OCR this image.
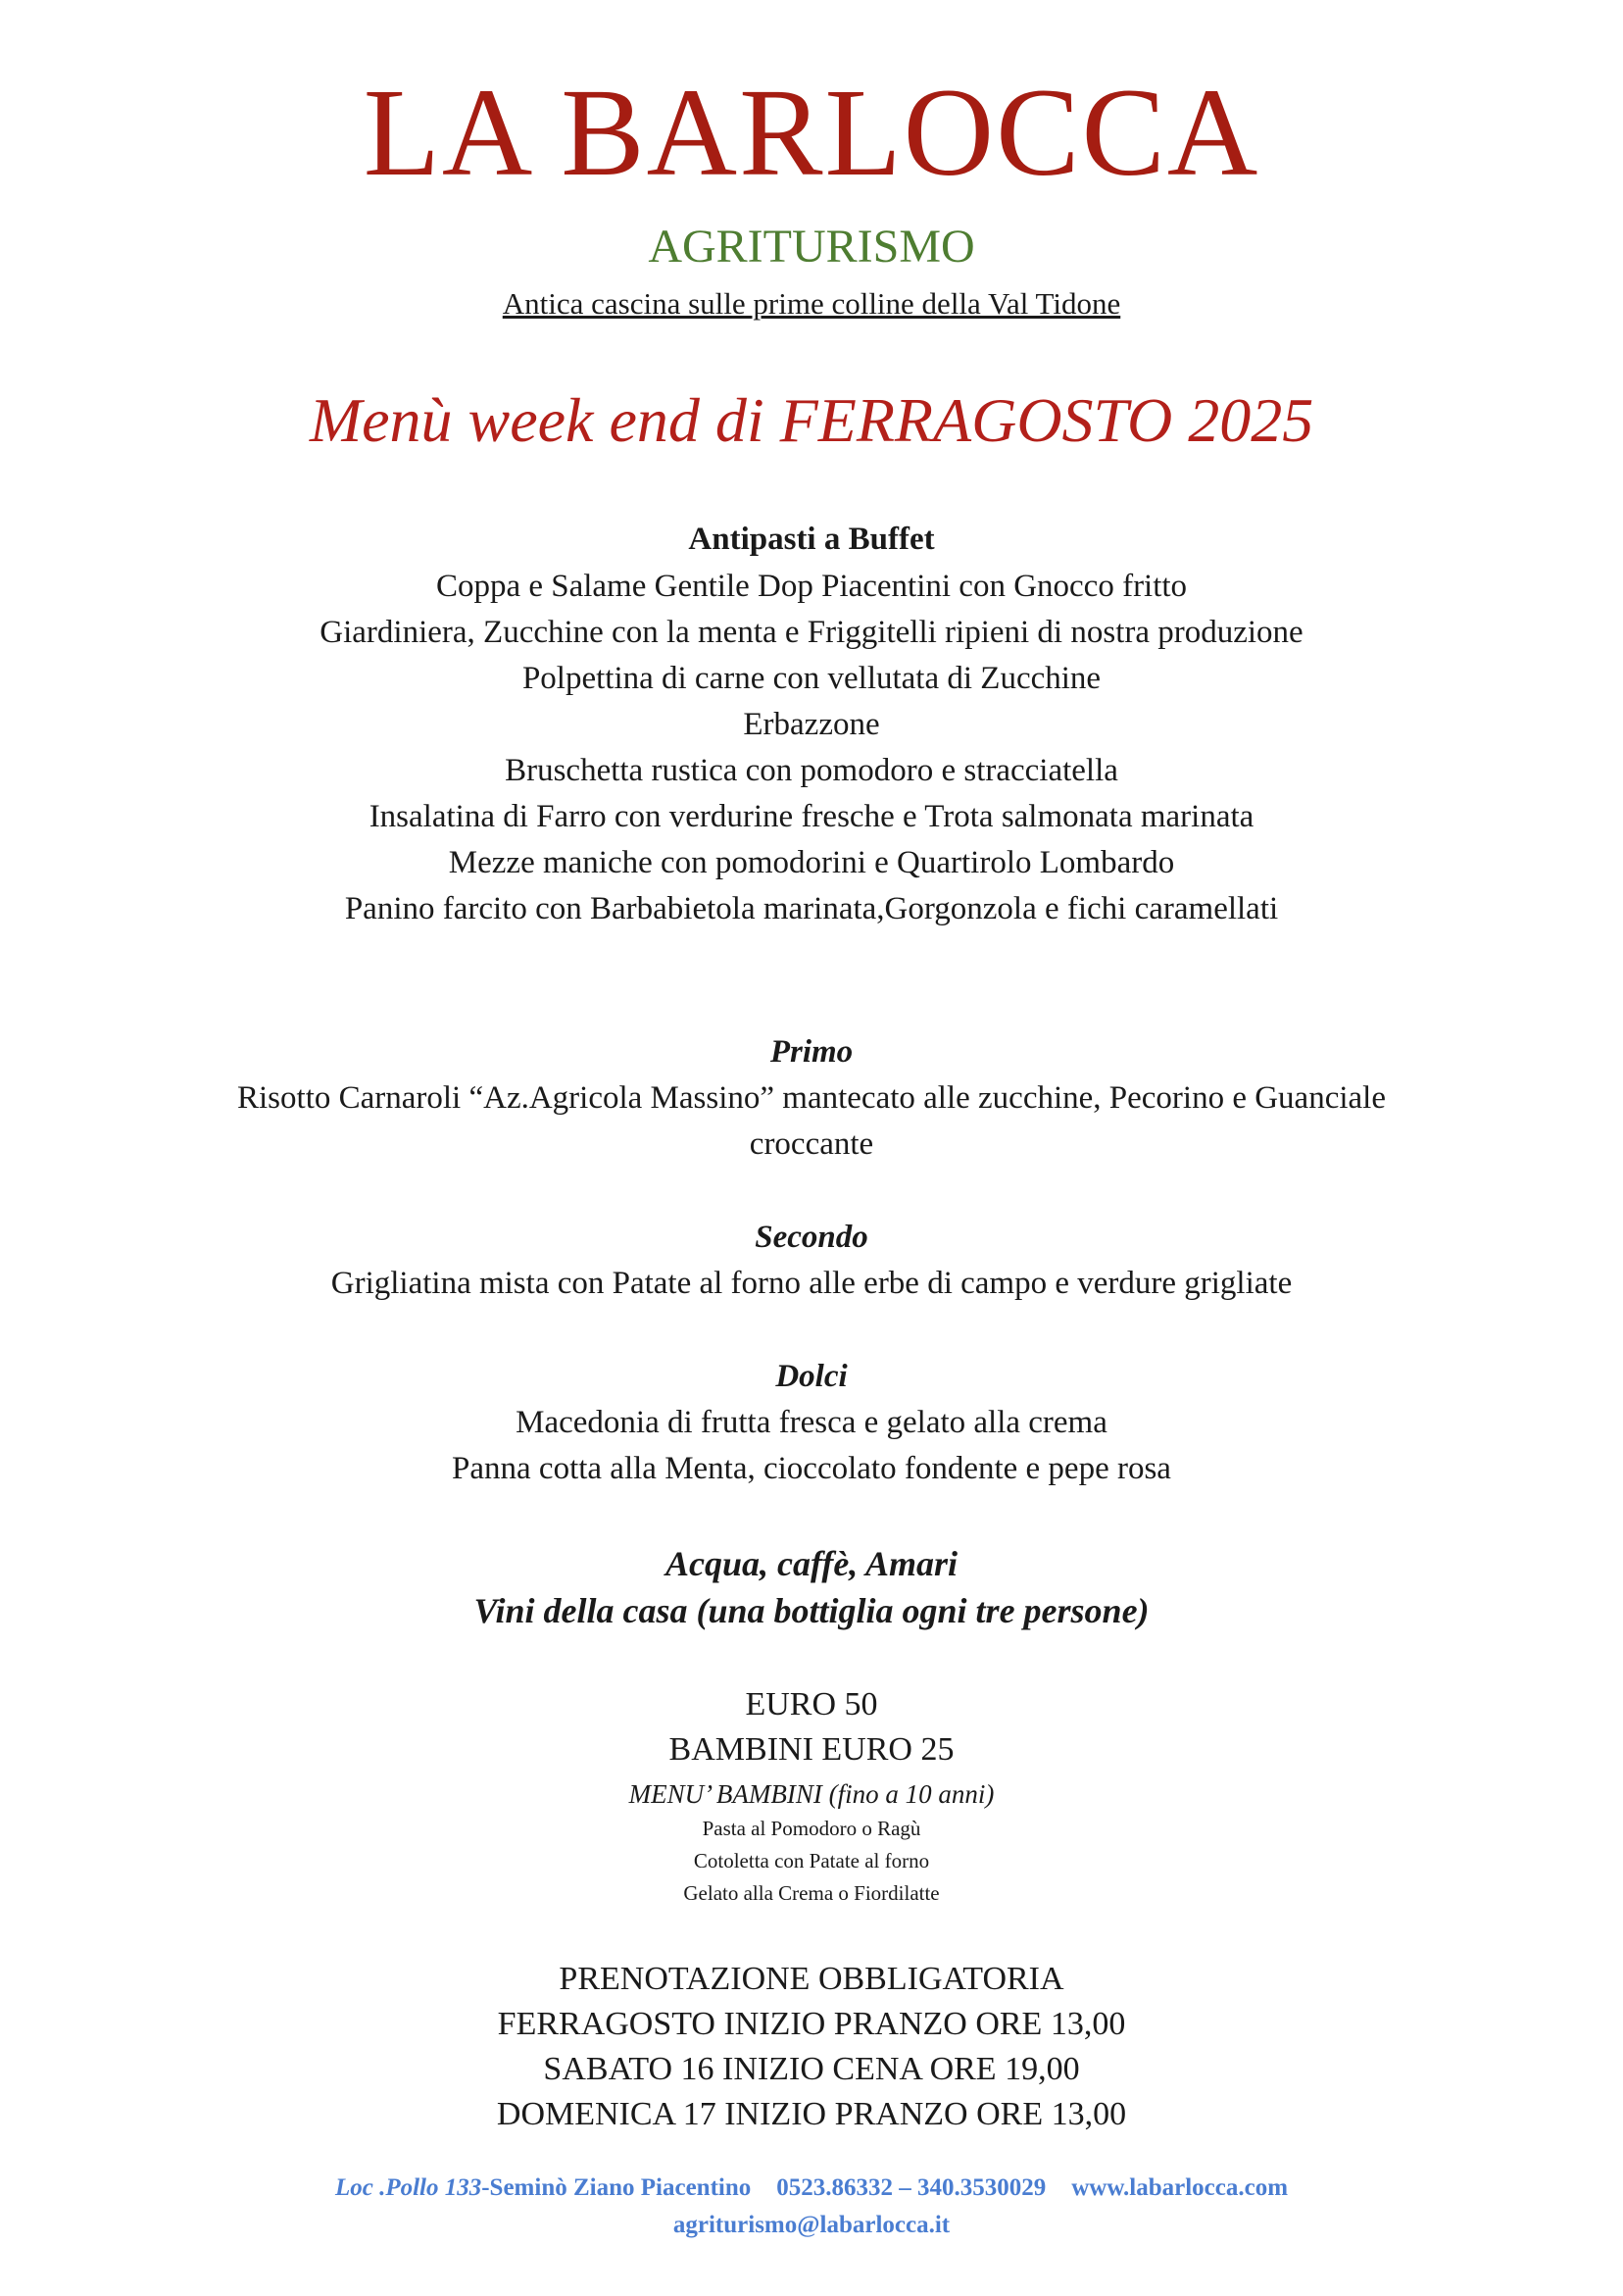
LA BARLOCCA
AGRITURISMO
Antica cascina sulle prime colline della Val Tidone
Menù week end di FERRAGOSTO 2025
Antipasti a Buffet
Coppa e Salame Gentile Dop Piacentini con Gnocco fritto
Giardiniera, Zucchine con la menta e Friggitelli ripieni di nostra produzione
Polpettina di carne con vellutata di Zucchine
Erbazzone
Bruschetta rustica con pomodoro e stracciatella
Insalatina di Farro con verdurine fresche e Trota salmonata marinata
Mezze maniche con pomodorini e Quartirolo Lombardo
Panino farcito con Barbabietola marinata,Gorgonzola e fichi caramellati
Primo
Risotto Carnaroli “Az.Agricola Massino” mantecato alle zucchine, Pecorino e Guanciale
croccante
Secondo
Grigliatina mista con Patate al forno alle erbe di campo e verdure grigliate
Dolci
Macedonia di frutta fresca e gelato alla crema
Panna cotta alla Menta, cioccolato fondente e pepe rosa
Acqua, caffè, Amari
Vini della casa (una bottiglia ogni tre persone)
EURO 50
BAMBINI EURO 25
MENU’ BAMBINI (fino a 10 anni)
Pasta al Pomodoro o Ragù
Cotoletta con Patate al forno
Gelato alla Crema o Fiordilatte
PRENOTAZIONE OBBLIGATORIA
FERRAGOSTO INIZIO PRANZO ORE 13,00
SABATO 16 INIZIO CENA ORE 19,00
DOMENICA 17 INIZIO PRANZO ORE 13,00
Loc .Pollo 133-Seminò Ziano Piacentino 0523.86332 – 340.3530029 www.labarlocca.com
agriturismo@labarlocca.it
